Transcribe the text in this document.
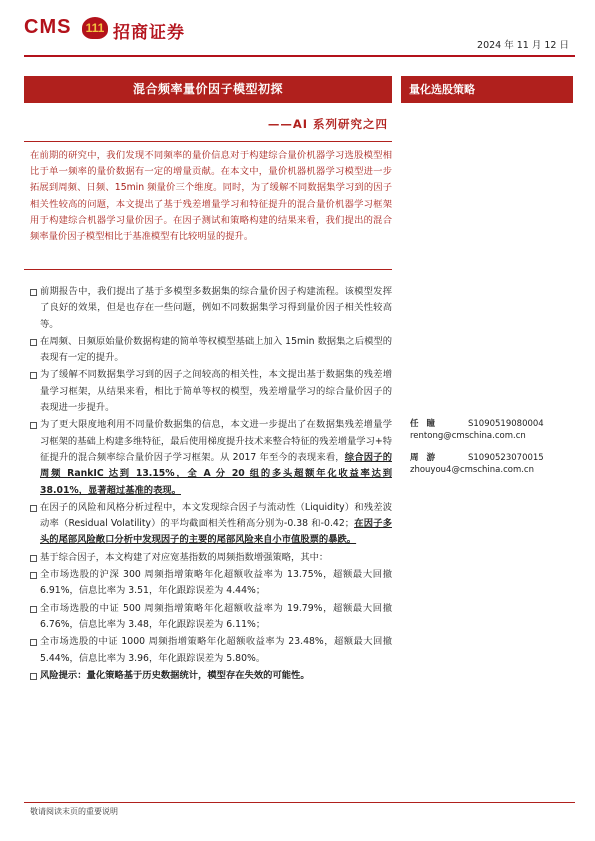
CMS	111 招商证券
2024 年 11 月 12 日
混合频率量价因子模型初探
——AI 系列研究之四
量化选股策略
在前期的研究中，我们发现不同频率的量价信息对于构建综合量价机器学习选股模型相比于单一频率的量价数据有一定的增量贡献。在本文中，量价机器机器学习模型进一步拓展到周频、日频、15min 频量价三个维度。同时，为了缓解不同数据集学习到的因子相关性较高的问题，本文提出了基于残差增量学习和特征提升的混合量价机器学习框架用于构建综合机器学习量价因子。在因子测试和策略构建的结果来看，我们提出的混合频率量价因子模型相比于基准模型有比较明显的提升。
前期报告中，我们提出了基于多模型多数据集的综合量价因子构建流程。该模型发挥了良好的效果，但是也存在一些问题，例如不同数据集学习得到量价因子相关性较高等。
在周频、日频原始量价数据构建的简单等权模型基础上加入 15min 数据集之后模型的表现有一定的提升。
为了缓解不同数据集学习到的因子之间较高的相关性，本文提出基于数据集的残差增量学习框架，从结果来看，相比于简单等权的模型，残差增量学习的综合量价因子的表现进一步提升。
为了更大限度地利用不同量价数据集的信息，本文进一步提出了在数据集残差增量学习框架的基础上构建多维特征，最后使用梯度提升技术来整合特征的残差增量学习+特征提升的混合频率综合量价因子学习框架。从 2017 年至今的表现来看，综合因子的周频 RankIC 达到 13.15%，全 A 分 20 组的多头超额年化收益率达到 38.01%，显著超过基准的表现。
在因子的风险和风格分析过程中，本文发现综合因子与流动性（Liquidity）和残差波动率（Residual Volatility）的平均截面相关性稍高分别为-0.38 和-0.42；在因子多头的尾部风险敞口分析中发现因子的主要的尾部风险来自小市值股票的暴跌。
基于综合因子，本文构建了对应宽基指数的周频指数增强策略，其中：
全市场选股的沪深 300 周频指增策略年化超额收益率为 13.75%，超额最大回撤 6.91%，信息比率为 3.51，年化跟踪误差为 4.44%；
全市场选股的中证 500 周频指增策略年化超额收益率为 19.79%，超额最大回撤 6.76%，信息比率为 3.48，年化跟踪误差为 6.11%；
全市场选股的中证 1000 周频指增策略年化超额收益率为 23.48%，超额最大回撤 5.44%，信息比率为 3.96，年化跟踪误差为 5.80%。
风险提示：量化策略基于历史数据统计，模型存在失效的可能性。
任瞳	S1090519080004
rentong@cmschina.com.cn
周游	S1090523070015
zhouyou4@cmschina.com.cn
敬请阅读末页的重要说明
